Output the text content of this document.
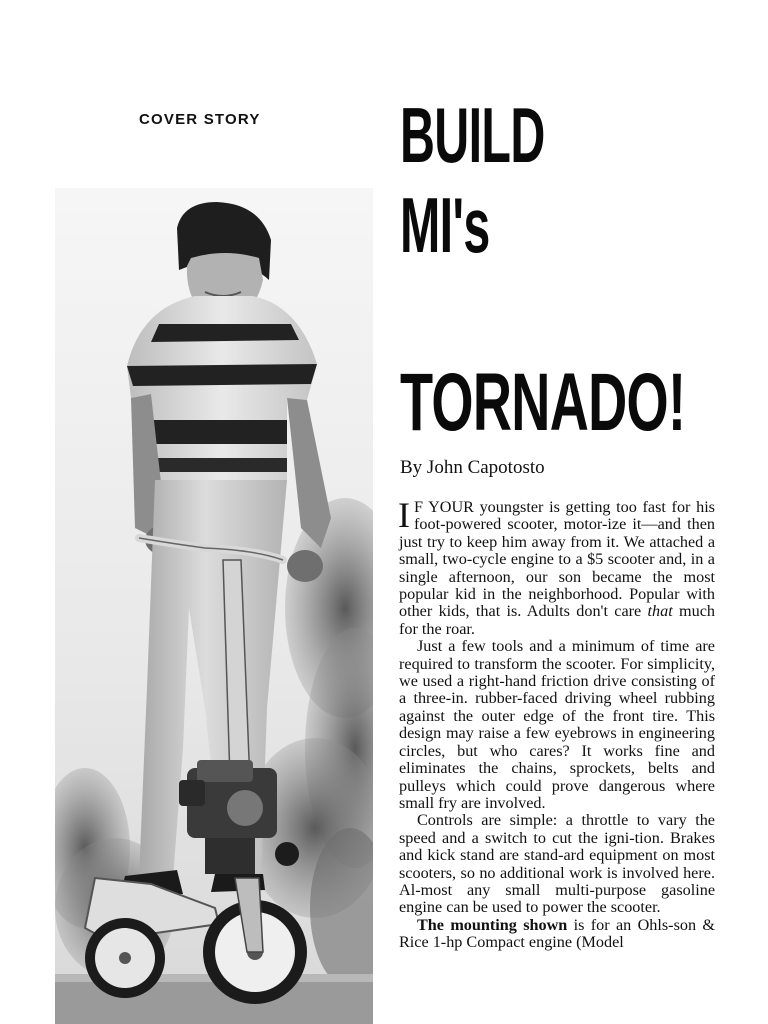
COVER STORY BUILD
MI's
TORNADO!
By John Capotosto

I F YOUR youngster is getting too fast for his foot-powered scooter, motor-ize it—and then just try to keep him away from it. We attached a small, two-cycle engine to a $5 scooter and, in a single afternoon, our son became the most popular kid in the neighborhood. Popular with other kids, that is. Adults don't care that much for the roar.

Just a few tools and a minimum of time are required to transform the scooter. For simplicity, we used a right-hand friction drive consisting of a three-in. rubber-faced driving wheel rubbing against the outer edge of the front tire. This design may raise a few eyebrows in engineering circles, but who cares? It works fine and eliminates the chains, sprockets, belts and pulleys which could prove dangerous where small fry are involved.

Controls are simple: a throttle to vary the speed and a switch to cut the igni-tion. Brakes and kick stand are stand-ard equipment on most scooters, so no additional work is involved here. Al-most any small multi-purpose gasoline engine can be used to power the scooter.

The mounting shown is for an Ohls-son & Rice 1-hp Compact engine (Model
